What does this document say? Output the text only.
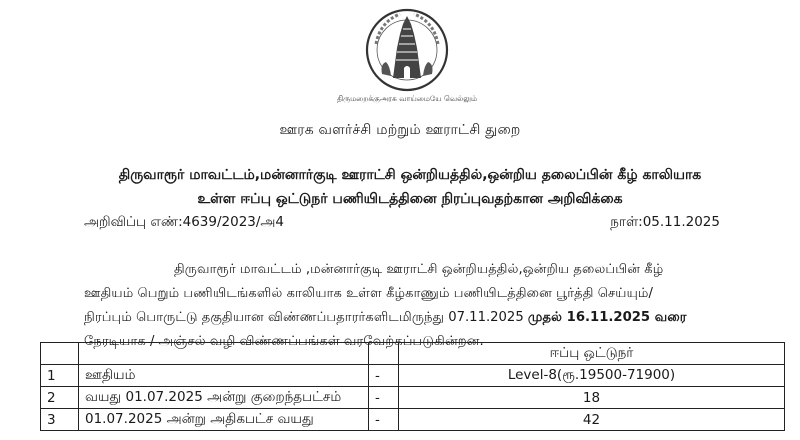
திருமறைக்குஅரசு வாய்மையே வெல்லும்
ஊரக வளர்ச்சி மற்றும் ஊராட்சி துறை
திருவாரூர் மாவட்டம்,மன்னார்குடி ஊராட்சி ஒன்றியத்தில்,ஒன்றிய தலைப்பின் கீழ் காலியாக
உள்ள ஈப்பு ஒட்டுநர் பணியிடத்தினை நிரப்புவதற்கான அறிவிக்கை
அறிவிப்பு எண்:4639/2023/அ4	நாள்:05.11.2025
திருவாரூர் மாவட்டம் ,மன்னார்குடி ஊராட்சி ஒன்றியத்தில்,ஒன்றிய தலைப்பின் கீழ்
ஊதியம் பெறும் பணியிடங்களில் காலியாக உள்ள கீழ்காணும் பணியிடத்தினை பூர்த்தி செய்யும்/
நிரப்பும் பொருட்டு தகுதியான விண்ணப்பதாரர்களிடமிருந்து 07.11.2025 முதல் 16.11.2025 வரை
நேரடியாக / அஞ்சல் வழி விண்ணப்பங்கள் வரவேற்கப்படுகின்றன.
			ஈப்பு ஒட்டுநர்
1	ஊதியம்	-	Level-8(ரூ.19500-71900)
2	வயது 01.07.2025 அன்று குறைந்தபட்சம்	-	18
3	01.07.2025 அன்று அதிகபட்ச வயது	-	42
